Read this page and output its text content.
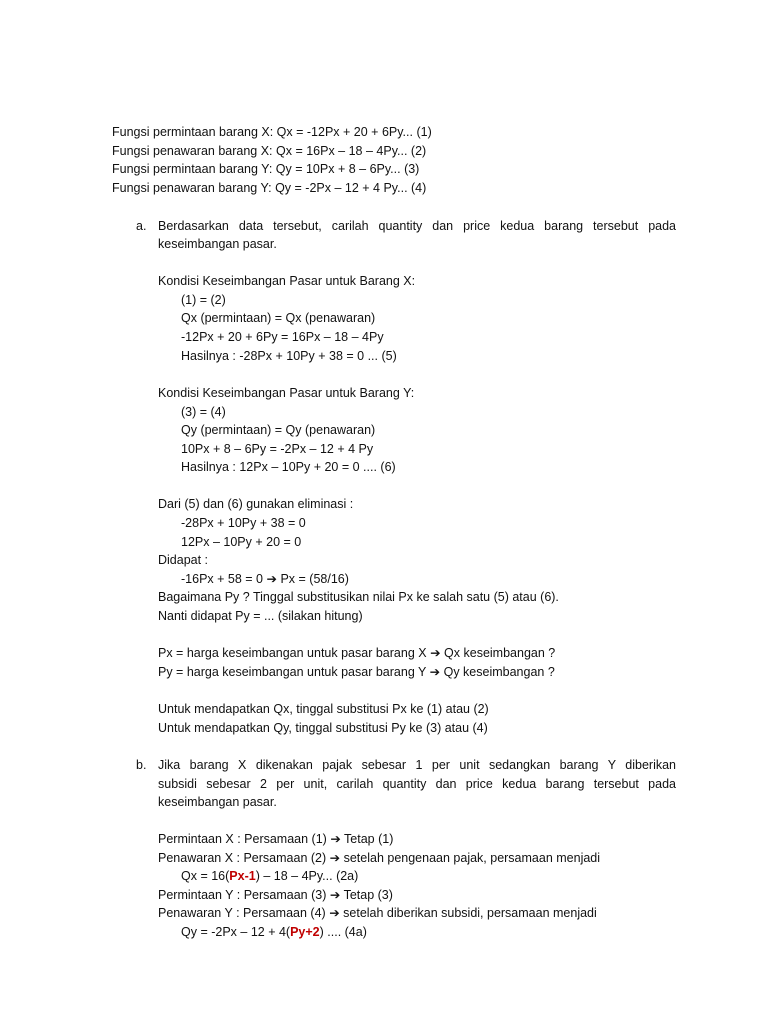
Fungsi permintaan barang X: Qx = -12Px + 20 + 6Py... (1)
Fungsi penawaran barang X: Qx = 16Px – 18 – 4Py... (2)
Fungsi permintaan barang Y: Qy = 10Px + 8 – 6Py... (3)
Fungsi penawaran barang Y: Qy = -2Px – 12 + 4 Py... (4)
a. Berdasarkan data tersebut, carilah quantity dan price kedua barang tersebut pada
keseimbangan pasar.
Kondisi Keseimbangan Pasar untuk Barang X:
(1) = (2)
Qx (permintaan) = Qx (penawaran)
-12Px + 20 + 6Py = 16Px – 18 – 4Py
Hasilnya : -28Px + 10Py + 38 = 0 ... (5)
Kondisi Keseimbangan Pasar untuk Barang Y:
(3) = (4)
Qy (permintaan) = Qy (penawaran)
10Px + 8 – 6Py = -2Px – 12 + 4 Py
Hasilnya : 12Px – 10Py + 20 = 0 .... (6)
Dari (5) dan (6) gunakan eliminasi :
-28Px + 10Py + 38 = 0
12Px – 10Py + 20 = 0
Didapat :
-16Px + 58 = 0 ➔ Px = (58/16)
Bagaimana Py ? Tinggal substitusikan nilai Px ke salah satu (5) atau (6).
Nanti didapat Py = ... (silakan hitung)
Px = harga keseimbangan untuk pasar barang X ➔ Qx keseimbangan ?
Py = harga keseimbangan untuk pasar barang Y ➔ Qy keseimbangan ?
Untuk mendapatkan Qx, tinggal substitusi Px ke (1) atau (2)
Untuk mendapatkan Qy, tinggal substitusi Py ke (3) atau (4)
b. Jika barang X dikenakan pajak sebesar 1 per unit sedangkan barang Y diberikan
subsidi sebesar 2 per unit, carilah quantity dan price kedua barang tersebut pada
keseimbangan pasar.
Permintaan X : Persamaan (1) ➔ Tetap (1)
Penawaran X : Persamaan (2) ➔ setelah pengenaan pajak, persamaan menjadi
Qx = 16(Px-1) – 18 – 4Py... (2a)
Permintaan Y : Persamaan (3) ➔ Tetap (3)
Penawaran Y : Persamaan (4) ➔ setelah diberikan subsidi, persamaan menjadi
Qy = -2Px – 12 + 4(Py+2) .... (4a)
